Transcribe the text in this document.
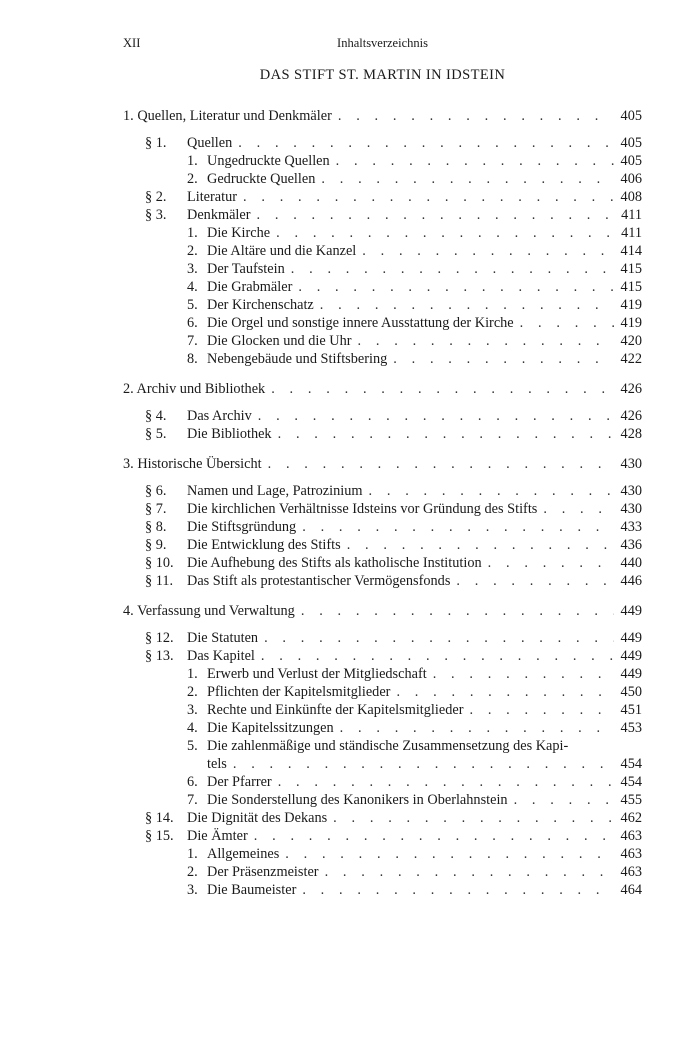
XII	Inhaltsverzeichnis
DAS STIFT ST. MARTIN IN IDSTEIN
1. Quellen, Literatur und Denkmäler . . .	405
§ 1. Quellen . . .	405
1. Ungedruckte Quellen . . .	405
2. Gedruckte Quellen . . .	406
§ 2. Literatur . . .	408
§ 3. Denkmäler . . .	411
1. Die Kirche . . .	411
2. Die Altäre und die Kanzel . . .	414
3. Der Taufstein . . .	415
4. Die Grabmäler . . .	415
5. Der Kirchenschatz . . .	419
6. Die Orgel und sonstige innere Ausstattung der Kirche . . .	419
7. Die Glocken und die Uhr . . .	420
8. Nebengebäude und Stiftsbering . . .	422
2. Archiv und Bibliothek . . .	426
§ 4. Das Archiv . . .	426
§ 5. Die Bibliothek . . .	428
3. Historische Übersicht . . .	430
§ 6. Namen und Lage, Patrozinium . . .	430
§ 7. Die kirchlichen Verhältnisse Idsteins vor Gründung des Stifts . . .	430
§ 8. Die Stiftsgründung . . .	433
§ 9. Die Entwicklung des Stifts . . .	436
§ 10. Die Aufhebung des Stifts als katholische Institution . . .	440
§ 11. Das Stift als protestantischer Vermögensfonds . . .	446
4. Verfassung und Verwaltung . . .	449
§ 12. Die Statuten . . .	449
§ 13. Das Kapitel . . .	449
1. Erwerb und Verlust der Mitgliedschaft . . .	449
2. Pflichten der Kapitelsmitglieder . . .	450
3. Rechte und Einkünfte der Kapitelsmitglieder . . .	451
4. Die Kapitelssitzungen . . .	453
5. Die zahlenmäßige und ständische Zusammensetzung des Kapi-
tels . . .	454
6. Der Pfarrer . . .	454
7. Die Sonderstellung des Kanonikers in Oberlahnstein . . .	455
§ 14. Die Dignität des Dekans . . .	462
§ 15. Die Ämter . . .	463
1. Allgemeines . . .	463
2. Der Präsenzmeister . . .	463
3. Die Baumeister . . .	464
